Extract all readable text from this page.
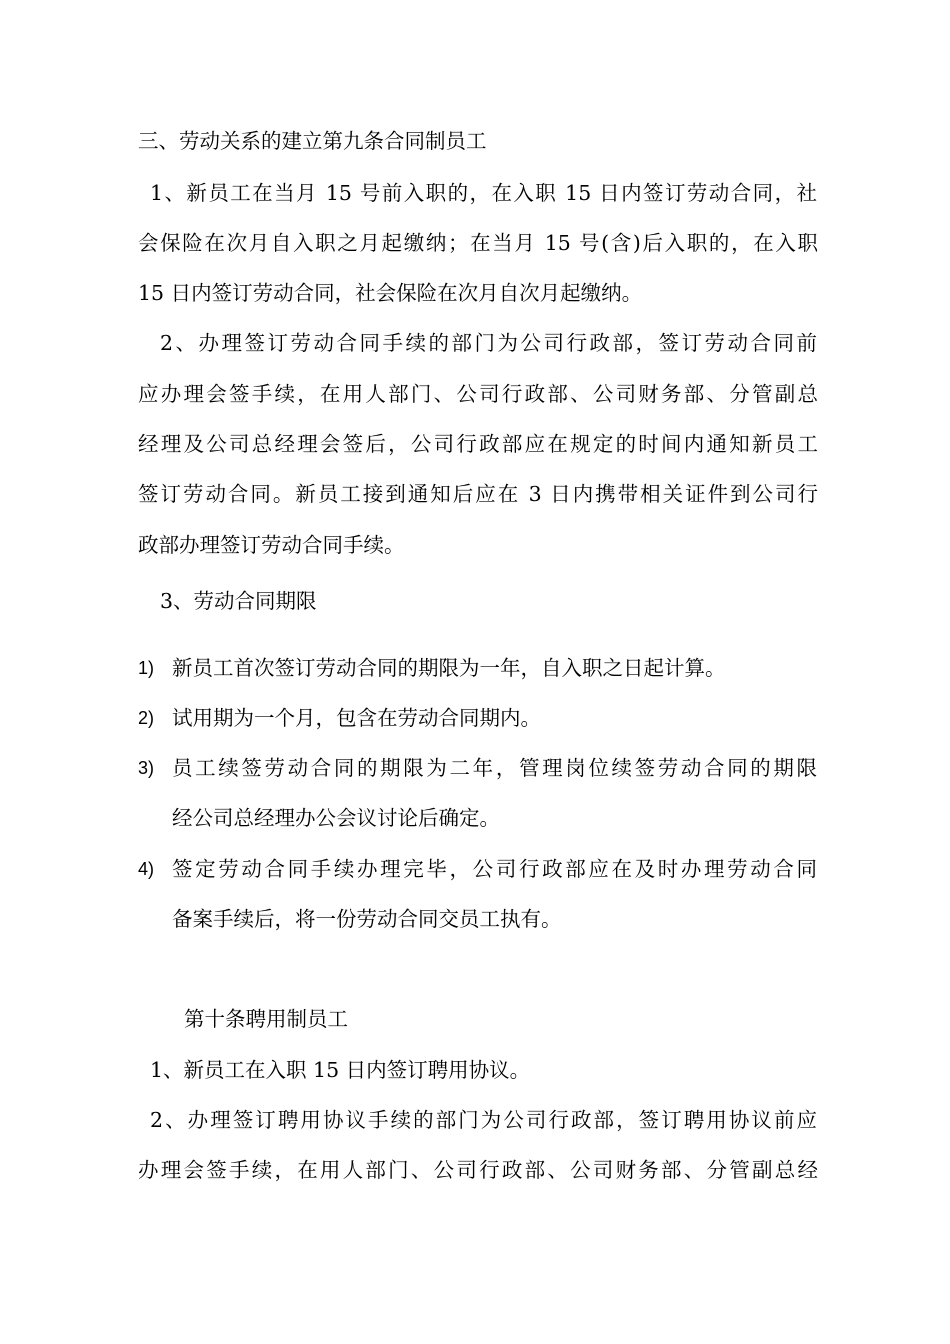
三、劳动关系的建立第九条合同制员工
1、新员工在当月 15 号前入职的，在入职 15 日内签订劳动合同，社
会保险在次月自入职之月起缴纳；在当月 15 号(含)后入职的，在入职
15 日内签订劳动合同，社会保险在次月自次月起缴纳。
2、办理签订劳动合同手续的部门为公司行政部，签订劳动合同前
应办理会签手续，在用人部门、公司行政部、公司财务部、分管副总
经理及公司总经理会签后，公司行政部应在规定的时间内通知新员工
签订劳动合同。新员工接到通知后应在 3 日内携带相关证件到公司行
政部办理签订劳动合同手续。
3、劳动合同期限
1) 新员工首次签订劳动合同的期限为一年，自入职之日起计算。
2) 试用期为一个月，包含在劳动合同期内。
3) 员工续签劳动合同的期限为二年，管理岗位续签劳动合同的期限
经公司总经理办公会议讨论后确定。
4) 签定劳动合同手续办理完毕，公司行政部应在及时办理劳动合同
备案手续后，将一份劳动合同交员工执有。
第十条聘用制员工
1、新员工在入职 15 日内签订聘用协议。
2、办理签订聘用协议手续的部门为公司行政部，签订聘用协议前应
办理会签手续，在用人部门、公司行政部、公司财务部、分管副总经
